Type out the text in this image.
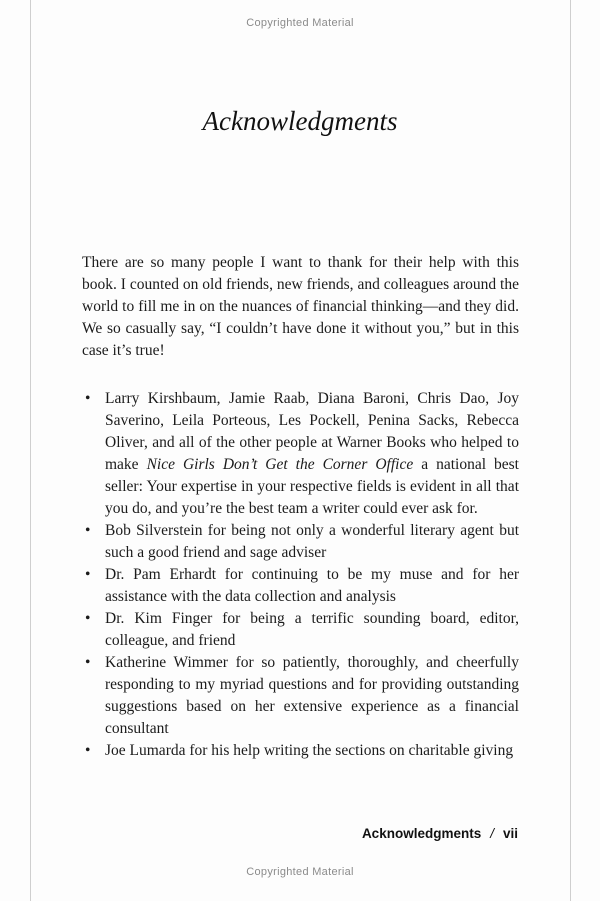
Copyrighted Material
Acknowledgments

There are so many people I want to thank for their help with this book. I counted on old friends, new friends, and colleagues around the world to fill me in on the nuances of financial thinking—and they did. We so casually say, “I couldn’t have done it without you,” but in this case it’s true!

• Larry Kirshbaum, Jamie Raab, Diana Baroni, Chris Dao, Joy Saverino, Leila Porteous, Les Pockell, Penina Sacks, Rebecca Oliver, and all of the other people at Warner Books who helped to make Nice Girls Don’t Get the Corner Office a national best seller: Your expertise in your respective fields is evident in all that you do, and you’re the best team a writer could ever ask for.
• Bob Silverstein for being not only a wonderful literary agent but such a good friend and sage adviser
• Dr. Pam Erhardt for continuing to be my muse and for her assistance with the data collection and analysis
• Dr. Kim Finger for being a terrific sounding board, editor, colleague, and friend
• Katherine Wimmer for so patiently, thoroughly, and cheerfully responding to my myriad questions and for providing outstanding suggestions based on her extensive experience as a financial consultant
• Joe Lumarda for his help writing the sections on charitable giving
Acknowledgments / vii
Copyrighted Material
